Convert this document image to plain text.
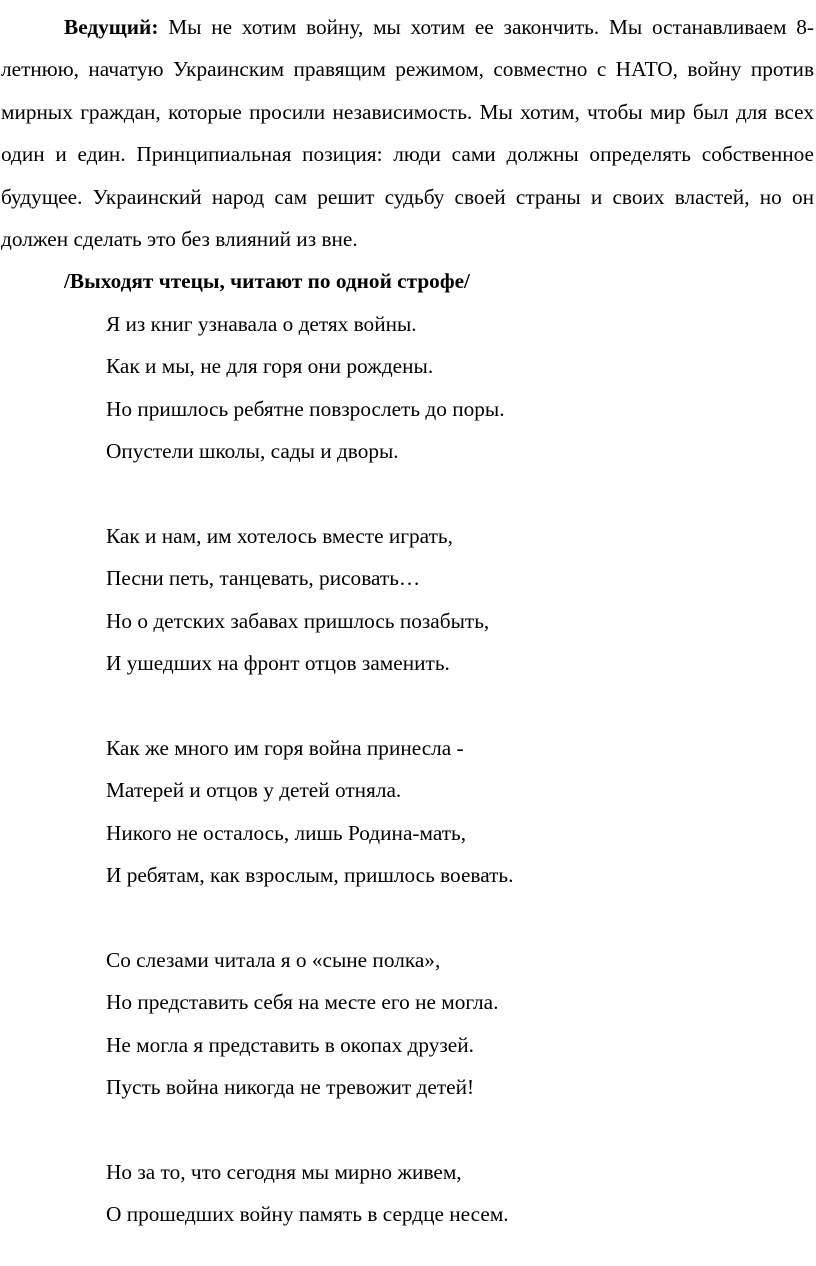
Ведущий: Мы не хотим войну, мы хотим ее закончить. Мы останавливаем 8-летнюю, начатую Украинским правящим режимом, совместно с НАТО, войну против мирных граждан, которые просили независимость. Мы хотим, чтобы мир был для всех один и един. Принципиальная позиция: люди сами должны определять собственное будущее. Украинский народ сам решит судьбу своей страны и своих властей, но он должен сделать это без влияний из вне.

/Выходят чтецы, читают по одной строфе/

Я из книг узнавала о детях войны.
Как и мы, не для горя они рождены.
Но пришлось ребятне повзрослеть до поры.
Опустели школы, сады и дворы.
Как и нам, им хотелось вместе играть,
Песни петь, танцевать, рисовать…
Но о детских забавах пришлось позабыть,
И ушедших на фронт отцов заменить.
Как же много им горя война принесла -
Матерей и отцов у детей отняла.
Никого не осталось, лишь Родина-мать,
И ребятам, как взрослым, пришлось воевать.
Со слезами читала я о «сыне полка»,
Но представить себя на месте его не могла.
Не могла я представить в окопах друзей.
Пусть война никогда не тревожит детей!
Но за то, что сегодня мы мирно живем,
О прошедших войну память в сердце несем.
